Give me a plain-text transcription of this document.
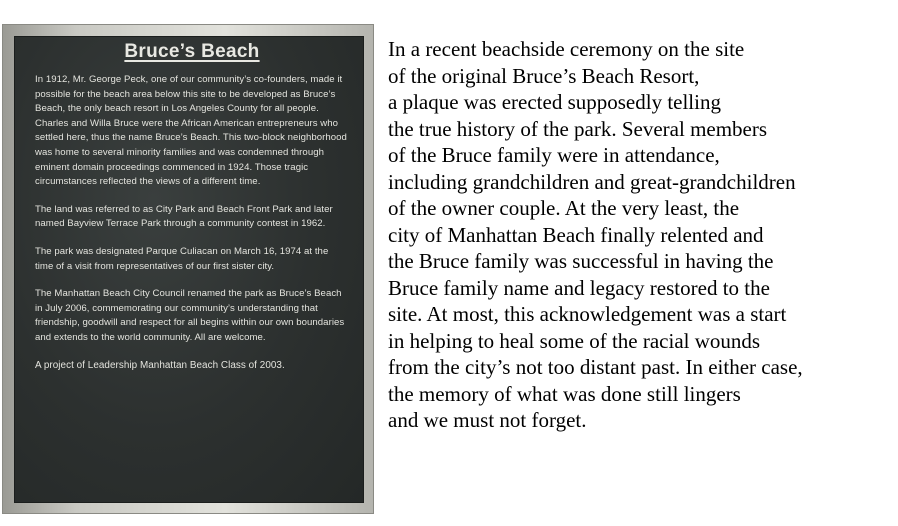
Bruce’s Beach

In 1912, Mr. George Peck, one of our community’s co-founders, made it possible for the beach area below this site to be developed as Bruce’s Beach, the only beach resort in Los Angeles County for all people. Charles and Willa Bruce were the African American entrepreneurs who settled here, thus the name Bruce’s Beach. This two-block neighborhood was home to several minority families and was condemned through eminent domain proceedings commenced in 1924. Those tragic circumstances reflected the views of a different time.

The land was referred to as City Park and Beach Front Park and later named Bayview Terrace Park through a community contest in 1962.

The park was designated Parque Culiacan on March 16, 1974 at the time of a visit from representatives of our first sister city.

The Manhattan Beach City Council renamed the park as Bruce’s Beach in July 2006, commemorating our community’s understanding that friendship, goodwill and respect for all begins within our own boundaries and extends to the world community. All are welcome.

A project of Leadership Manhattan Beach Class of 2003.

In a recent beachside ceremony on the site
of the original Bruce’s Beach Resort,
a plaque was erected supposedly telling
the true history of the park. Several members
of the Bruce family were in attendance,
including grandchildren and great-grandchildren
of the owner couple. At the very least, the
city of Manhattan Beach finally relented and
the Bruce family was successful in having the
Bruce family name and legacy restored to the
site. At most, this acknowledgement was a start
in helping to heal some of the racial wounds
from the city’s not too distant past. In either case,
the memory of what was done still lingers
and we must not forget.
